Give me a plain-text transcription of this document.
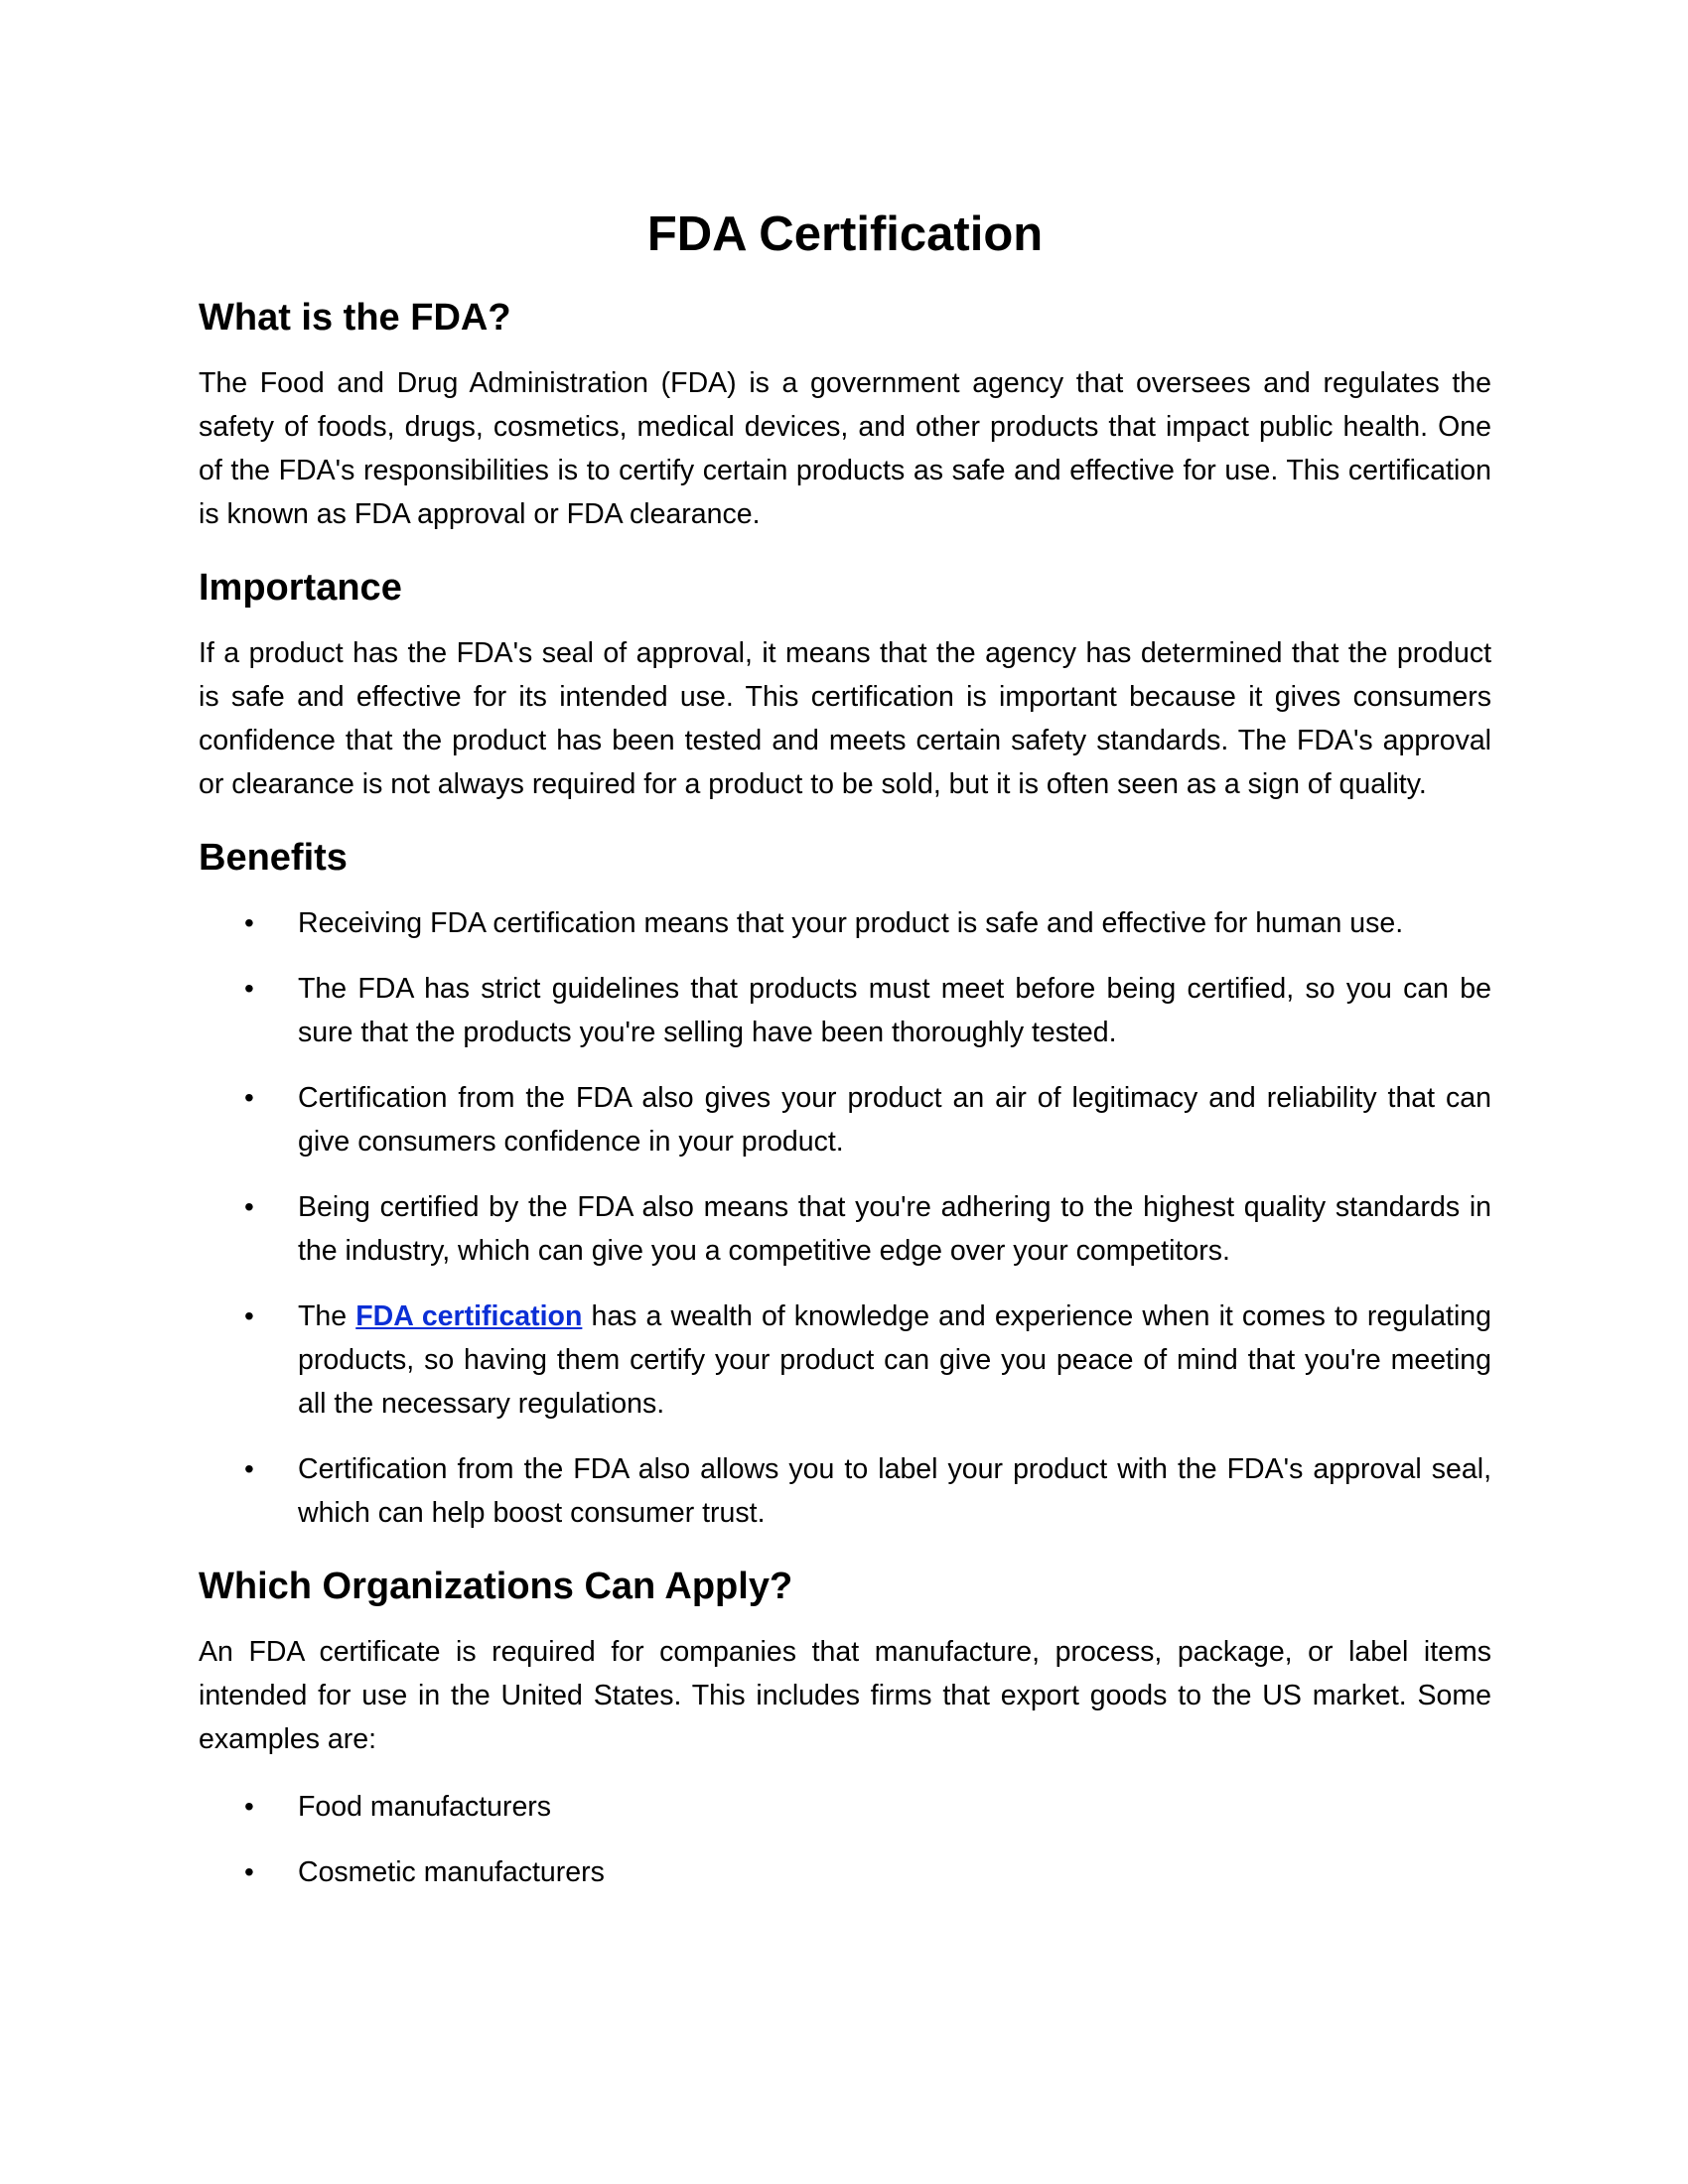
FDA Certification
What is the FDA?

The Food and Drug Administration (FDA) is a government agency that oversees and regulates the safety of foods, drugs, cosmetics, medical devices, and other products that impact public health. One of the FDA's responsibilities is to certify certain products as safe and effective for use. This certification is known as FDA approval or FDA clearance.

Importance

If a product has the FDA's seal of approval, it means that the agency has determined that the product is safe and effective for its intended use. This certification is important because it gives consumers confidence that the product has been tested and meets certain safety standards. The FDA's approval or clearance is not always required for a product to be sold, but it is often seen as a sign of quality.

Benefits
• Receiving FDA certification means that your product is safe and effective for human use.
• The FDA has strict guidelines that products must meet before being certified, so you can be sure that the products you're selling have been thoroughly tested.
• Certification from the FDA also gives your product an air of legitimacy and reliability that can give consumers confidence in your product.
• Being certified by the FDA also means that you're adhering to the highest quality standards in the industry, which can give you a competitive edge over your competitors.
• The FDA certification has a wealth of knowledge and experience when it comes to regulating products, so having them certify your product can give you peace of mind that you're meeting all the necessary regulations.
• Certification from the FDA also allows you to label your product with the FDA's approval seal, which can help boost consumer trust.
Which Organizations Can Apply?

An FDA certificate is required for companies that manufacture, process, package, or label items intended for use in the United States. This includes firms that export goods to the US market. Some examples are:

• Food manufacturers
• Cosmetic manufacturers
